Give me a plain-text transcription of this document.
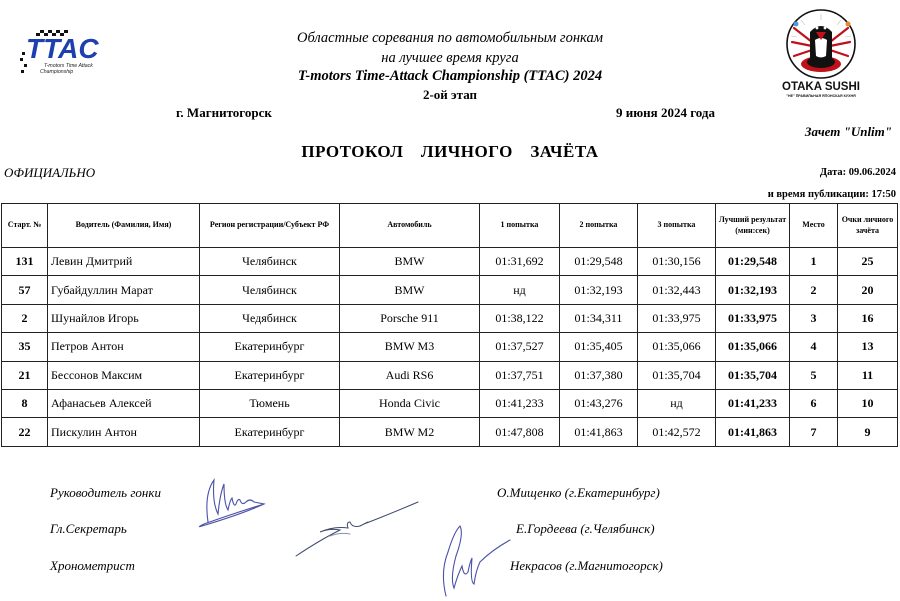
TTAC
T-motors Time Attack
Championship
OTAKA SUSHI
"НЕ" ПРАВИЛЬНАЯ ЯПОНСКАЯ КУХНЯ
Областные соревания по автомобильным гонкам
на лучшее время круга
T-motors Time-Attack Championship (TTAC) 2024
2-ой этап
г. Магнитогорск	9 июня 2024 года
Зачет "Unlim"
ПРОТОКОЛ  ЛИЧНОГО  ЗАЧЁТА
ОФИЦИАЛЬНО	Дата: 09.06.2024
и время публикации: 17:50
Старт. №	Водитель (Фамилия, Имя)	Регион регистрации/Субъект РФ	Автомобиль	1 попытка	2 попытка	3 попытка	Лучший результат (мин:сек)	Место	Очки личного зачёта
131	Левин Дмитрий	Челябинск	BMW	01:31,692	01:29,548	01:30,156	01:29,548	1	25
57	Губайдуллин Марат	Челябинск	BMW	нд	01:32,193	01:32,443	01:32,193	2	20
2	Шунайлов Игорь	Чедябинск	Porsche 911	01:38,122	01:34,311	01:33,975	01:33,975	3	16
35	Петров Антон	Екатеринбург	BMW M3	01:37,527	01:35,405	01:35,066	01:35,066	4	13
21	Бессонов Максим	Екатеринбург	Audi RS6	01:37,751	01:37,380	01:35,704	01:35,704	5	11
8	Афанасьев Алексей	Тюмень	Honda Civic	01:41,233	01:43,276	нд	01:41,233	6	10
22	Пискулин Антон	Екатеринбург	BMW M2	01:47,808	01:41,863	01:42,572	01:41,863	7	9
Руководитель гонки
Гл.Секретарь
Хронометрист
О.Мищенко (г.Екатеринбург)
Е.Гордеева (г.Челябинск)
Некрасов (г.Магнитогорск)
